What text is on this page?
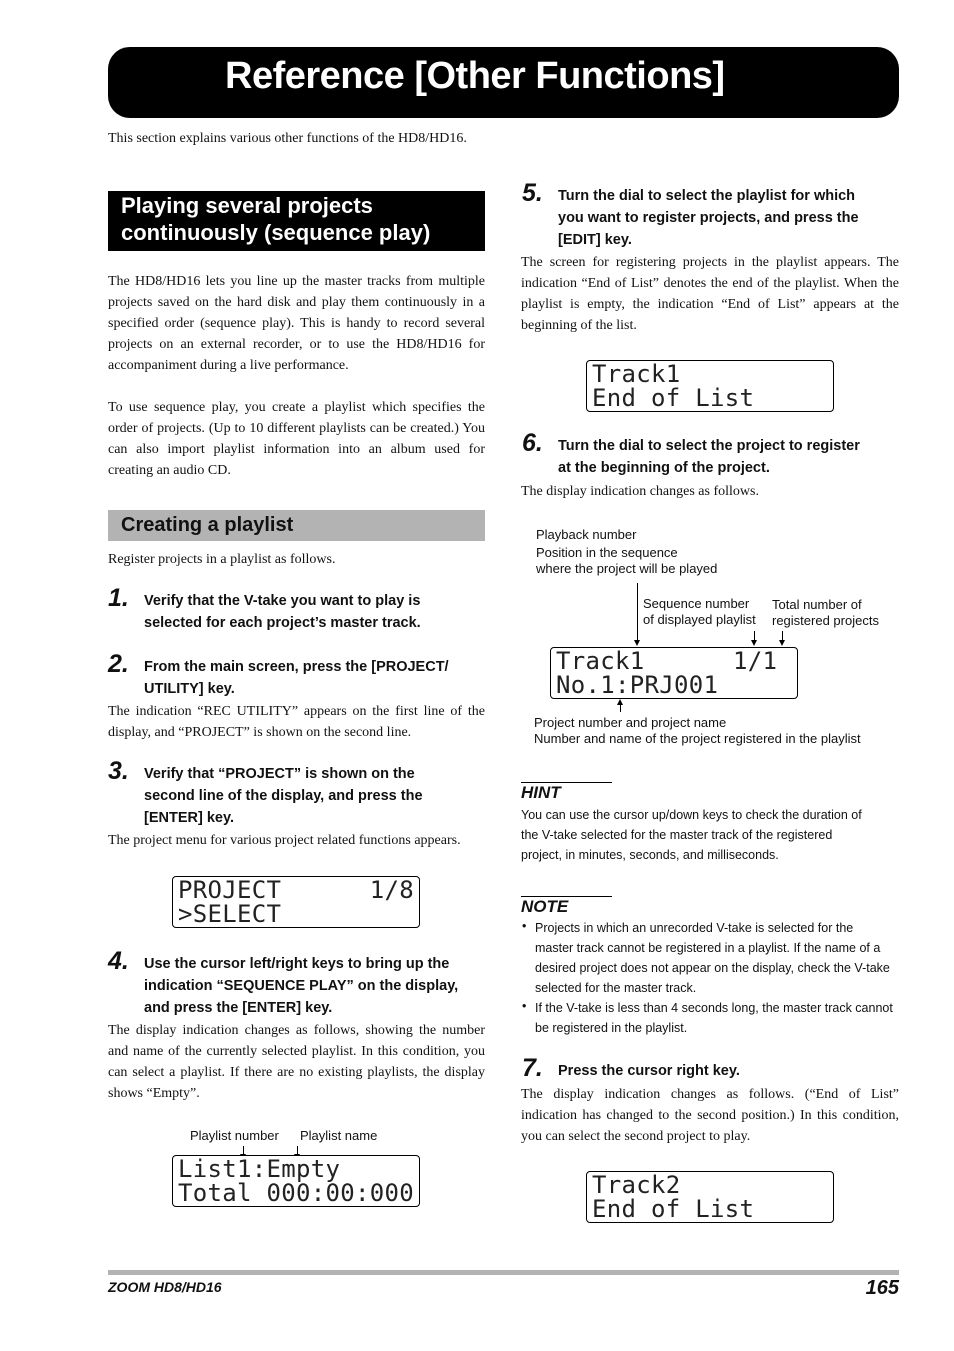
Reference [Other Functions]
This section explains various other functions of the HD8/HD16.
Playing several projects
continuously (sequence play)
The HD8/HD16 lets you line up the master tracks from multiple projects saved on the hard disk and play them continuously in a specified order (sequence play). This is handy to record several projects on an external recorder, or to use the HD8/HD16 for accompaniment during a live performance.
To use sequence play, you create a playlist which specifies the order of projects. (Up to 10 different playlists can be created.) You can also import playlist information into an album used for creating an audio CD.
Creating a playlist
Register projects in a playlist as follows.
1. Verify that the V-take you want to play is
selected for each project’s master track.
2. From the main screen, press the [PROJECT/
UTILITY] key.
The indication “REC UTILITY” appears on the first line of the display, and “PROJECT” is shown on the second line.
3. Verify that “PROJECT” is shown on the
second line of the display, and press the
[ENTER] key.
The project menu for various project related functions appears.
PROJECT      1/8
>SELECT
4. Use the cursor left/right keys to bring up the
indication “SEQUENCE PLAY” on the display,
and press the [ENTER] key.
The display indication changes as follows, showing the number and name of the currently selected playlist. In this condition, you can select a playlist. If there are no existing playlists, the display shows “Empty”.
Playlist number Playlist name
List1:Empty
Total 000:00:000
5. Turn the dial to select the playlist for which
you want to register projects, and press the
[EDIT] key.
The screen for registering projects in the playlist appears. The indication “End of List” denotes the end of the playlist. When the playlist is empty, the indication “End of List” appears at the beginning of the list.
Track1
End of List
6. Turn the dial to select the project to register
at the beginning of the project.
The display indication changes as follows.
Playback number
Position in the sequence
where the project will be played
Sequence number
of displayed playlist
Total number of
registered projects
Track1      1/1
No.1:PRJ001
Project number and project name
Number and name of the project registered in the playlist
HINT
You can use the cursor up/down keys to check the duration of
the V-take selected for the master track of the registered
project, in minutes, seconds, and milliseconds.
NOTE
• Projects in which an unrecorded V-take is selected for the
master track cannot be registered in a playlist. If the name of a
desired project does not appear on the display, check the V-take
selected for the master track.
• If the V-take is less than 4 seconds long, the master track cannot
be registered in the playlist.
7. Press the cursor right key.
The display indication changes as follows. (“End of List” indication has changed to the second position.) In this condition, you can select the second project to play.
Track2
End of List
ZOOM HD8/HD16	165
